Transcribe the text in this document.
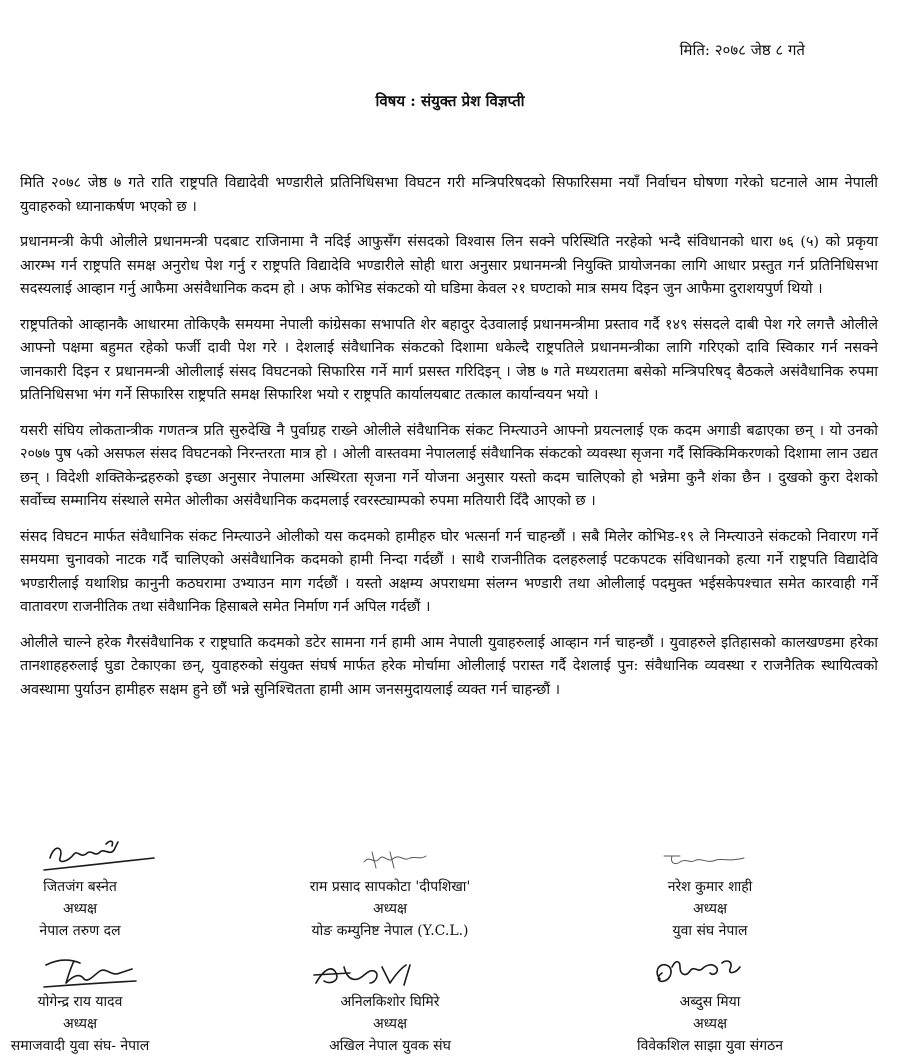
मिति: २०७८ जेष्ठ ८ गते
विषय : संयुक्त प्रेश विज्ञप्ती

मिति २०७८ जेष्ठ ७ गते राति राष्ट्रपति विद्यादेवी भण्डारीले प्रतिनिधिसभा विघटन गरी मन्त्रिपरिषदको सिफारिसमा नयाँ निर्वाचन घोषणा गरेको घटनाले आम नेपाली युवाहरुको ध्यानाकर्षण भएको छ ।

प्रधानमन्त्री केपी ओलीले प्रधानमन्त्री पदबाट राजिनामा नै नदिई आफुसँग संसदको विश्वास लिन सक्ने परिस्थिति नरहेको भन्दै संविधानको धारा ७६ (५) को प्रकृया आरम्भ गर्न राष्ट्रपति समक्ष अनुरोध पेश गर्नु र राष्ट्रपति विद्यादेवि भण्डारीले सोही धारा अनुसार प्रधानमन्त्री नियुक्ति प्रायोजनका लागि आधार प्रस्तुत गर्न प्रतिनिधिसभा सदस्यलाई आव्हान गर्नु आफैमा असंवैधानिक कदम हो । अफ कोभिड संकटको यो घडिमा केवल २१ घण्टाको मात्र समय दिइन जुन आफैमा दुराशयपुर्ण थियो ।

राष्ट्रपतिको आव्हानकै आधारमा तोकिएकै समयमा नेपाली कांग्रेसका सभापति शेर बहादुर देउवालाई प्रधानमन्त्रीमा प्रस्ताव गर्दै १४९ संसदले दाबी पेश गरे लगत्तै ओलीले आफ्नो पक्षमा बहुमत रहेको फर्जी दावी पेश गरे । देशलाई संवैधानिक संकटको दिशामा धकेल्दै राष्ट्रपतिले प्रधानमन्त्रीका लागि गरिएको दावि स्विकार गर्न नसक्ने जानकारी दिइन र प्रधानमन्त्री ओलीलाई संसद विघटनको सिफारिस गर्ने मार्ग प्रसस्त गरिदिइन् । जेष्ठ ७ गते मध्यरातमा बसेको मन्त्रिपरिषद् बैठकले असंवैधानिक रुपमा प्रतिनिधिसभा भंग गर्ने सिफारिस राष्ट्रपति समक्ष सिफारिश भयो र राष्ट्रपति कार्यालयबाट तत्काल कार्यान्वयन भयो ।

यसरी संघिय लोकतान्त्रीक गणतन्त्र प्रति सुरुदेखि नै पुर्वाग्रह राख्ने ओलीले संवैधानिक संकट निम्त्याउने आफ्नो प्रयत्नलाई एक कदम अगाडी बढाएका छन् । यो उनको २०७७ पुष ५को असफल संसद विघटनको निरन्तरता मात्र हो । ओली वास्तवमा नेपाललाई संवैधानिक संकटको व्यवस्था सृजना गर्दै सिक्किमिकरणको दिशामा लान उद्यत छन् । विदेशी शक्तिकेन्द्रहरुको इच्छा अनुसार नेपालमा अस्थिरता सृजना गर्ने योजना अनुसार यस्तो कदम चालिएको हो भन्नेमा कुनै शंका छैन । दुखको कुरा देशको सर्वोच्च सम्मानिय संस्थाले समेत ओलीका असंवैधानिक कदमलाई रवरस्ट्याम्पको रुपमा मतियारी दिँदै आएको छ ।

संसद विघटन मार्फत संवैधानिक संकट निम्त्याउने ओलीको यस कदमको हामीहरु घोर भत्सर्ना गर्न चाहन्छौं । सबै मिलेर कोभिड-१९ ले निम्त्याउने संकटको निवारण गर्ने समयमा चुनावको नाटक गर्दै चालिएको असंवैधानिक कदमको हामी निन्दा गर्दछौं । साथै राजनीतिक दलहरुलाई पटकपटक संविधानको हत्या गर्ने राष्ट्रपति विद्यादेवि भण्डारीलाई यथाशिघ्र कानुनी कठघरामा उभ्याउन माग गर्दछौं । यस्तो अक्षम्य अपराधमा संलग्न भण्डारी तथा ओलीलाई पदमुक्त भईसकेपश्चात समेत कारवाही गर्ने वातावरण राजनीतिक तथा संवैधानिक हिसाबले समेत निर्माण गर्न अपिल गर्दछौं ।

ओलीले चाल्ने हरेक गैरसंवैधानिक र राष्ट्रघाति कदमको डटेर सामना गर्न हामी आम नेपाली युवाहरुलाई आव्हान गर्न चाहन्छौं । युवाहरुले इतिहासको कालखण्डमा हरेका तानशाहहरुलाई घुडा टेकाएका छन्, युवाहरुको संयुक्त संघर्ष मार्फत हरेक मोर्चामा ओलीलाई परास्त गर्दै देशलाई पुन: संवैधानिक व्यवस्था र राजनैतिक स्थायित्वको अवस्थामा पुर्याउन हामीहरु सक्षम हुने छौं भन्ने सुनिश्चितता हामी आम जनसमुदायलाई व्यक्त गर्न चाहन्छौं ।

जितजंग बस्नेत
अध्यक्ष
नेपाल तरुण दल
राम प्रसाद सापकोटा 'दीपशिखा'
अध्यक्ष
योङ कम्युनिष्ट नेपाल (Y.C.L.)
नरेश कुमार शाही
अध्यक्ष
युवा संघ नेपाल
योगेन्द्र राय यादव
अध्यक्ष
समाजवादी युवा संघ- नेपाल
अनिलकिशोर घिमिरे
अध्यक्ष
अखिल नेपाल युवक संघ
अब्दुस मिया
अध्यक्ष
विवेकशिल साझा युवा संगठन
